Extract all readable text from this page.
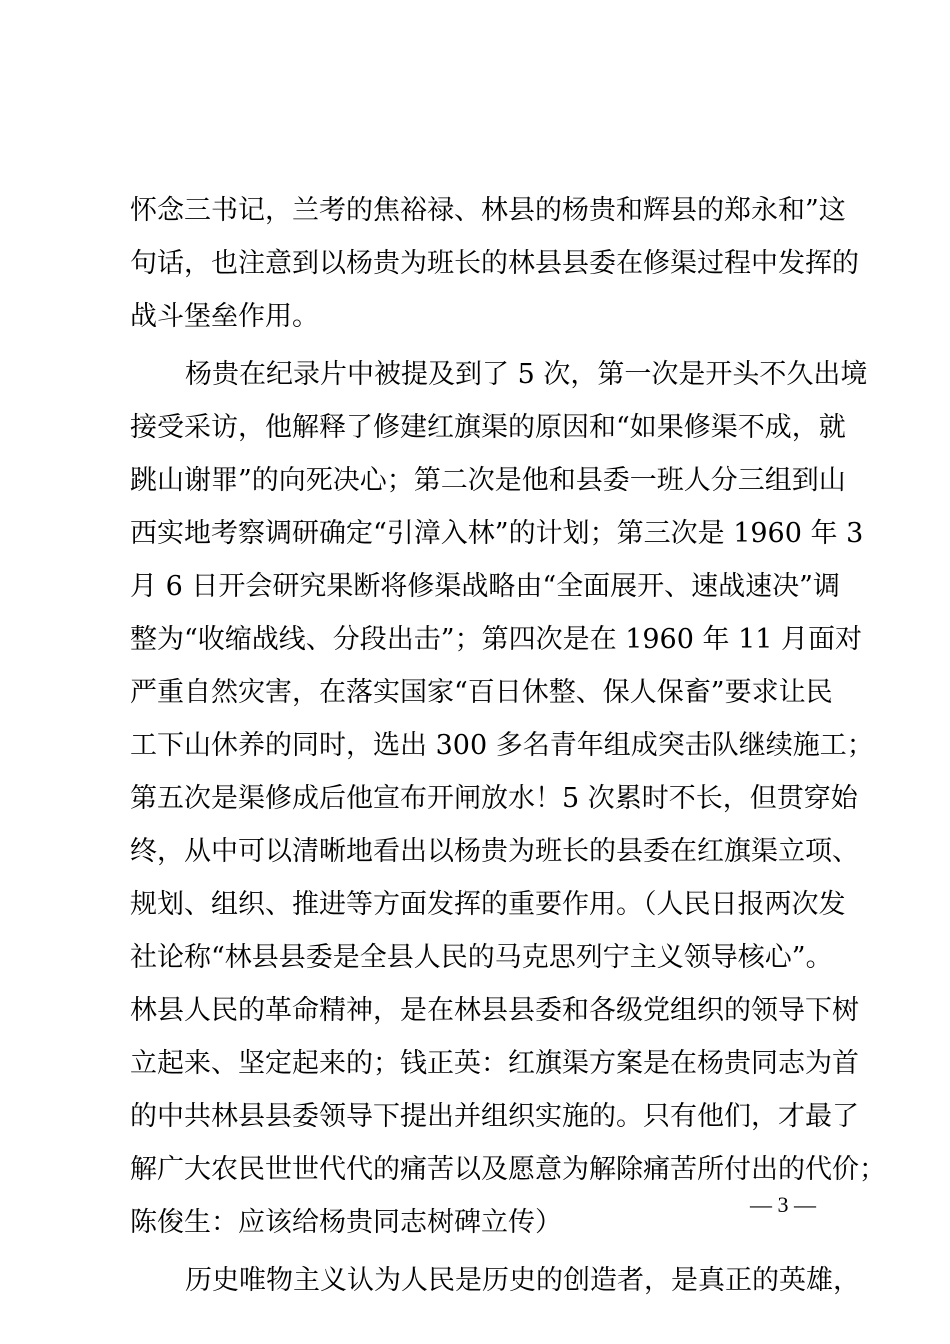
怀念三书记，兰考的焦裕禄、林县的杨贵和辉县的郑永和”这
句话，也注意到以杨贵为班长的林县县委在修渠过程中发挥的
战斗堡垒作用。
杨贵在纪录片中被提及到了 5 次，第一次是开头不久出境
接受采访，他解释了修建红旗渠的原因和“如果修渠不成，就
跳山谢罪”的向死决心；第二次是他和县委一班人分三组到山
西实地考察调研确定“引漳入林”的计划；第三次是 1960 年 3
月 6 日开会研究果断将修渠战略由“全面展开、速战速决”调
整为“收缩战线、分段出击”；第四次是在 1960 年 11 月面对
严重自然灾害，在落实国家“百日休整、保人保畜”要求让民
工下山休养的同时，选出 300 多名青年组成突击队继续施工；
第五次是渠修成后他宣布开闸放水！5 次累时不长，但贯穿始
终，从中可以清晰地看出以杨贵为班长的县委在红旗渠立项、
规划、组织、推进等方面发挥的重要作用。（人民日报两次发
社论称“林县县委是全县人民的马克思列宁主义领导核心”。
林县人民的革命精神，是在林县县委和各级党组织的领导下树
立起来、坚定起来的；钱正英：红旗渠方案是在杨贵同志为首
的中共林县县委领导下提出并组织实施的。只有他们，才最了
解广大农民世世代代的痛苦以及愿意为解除痛苦所付出的代价；
陈俊生：应该给杨贵同志树碑立传）
历史唯物主义认为人民是历史的创造者，是真正的英雄，
— 3 —
